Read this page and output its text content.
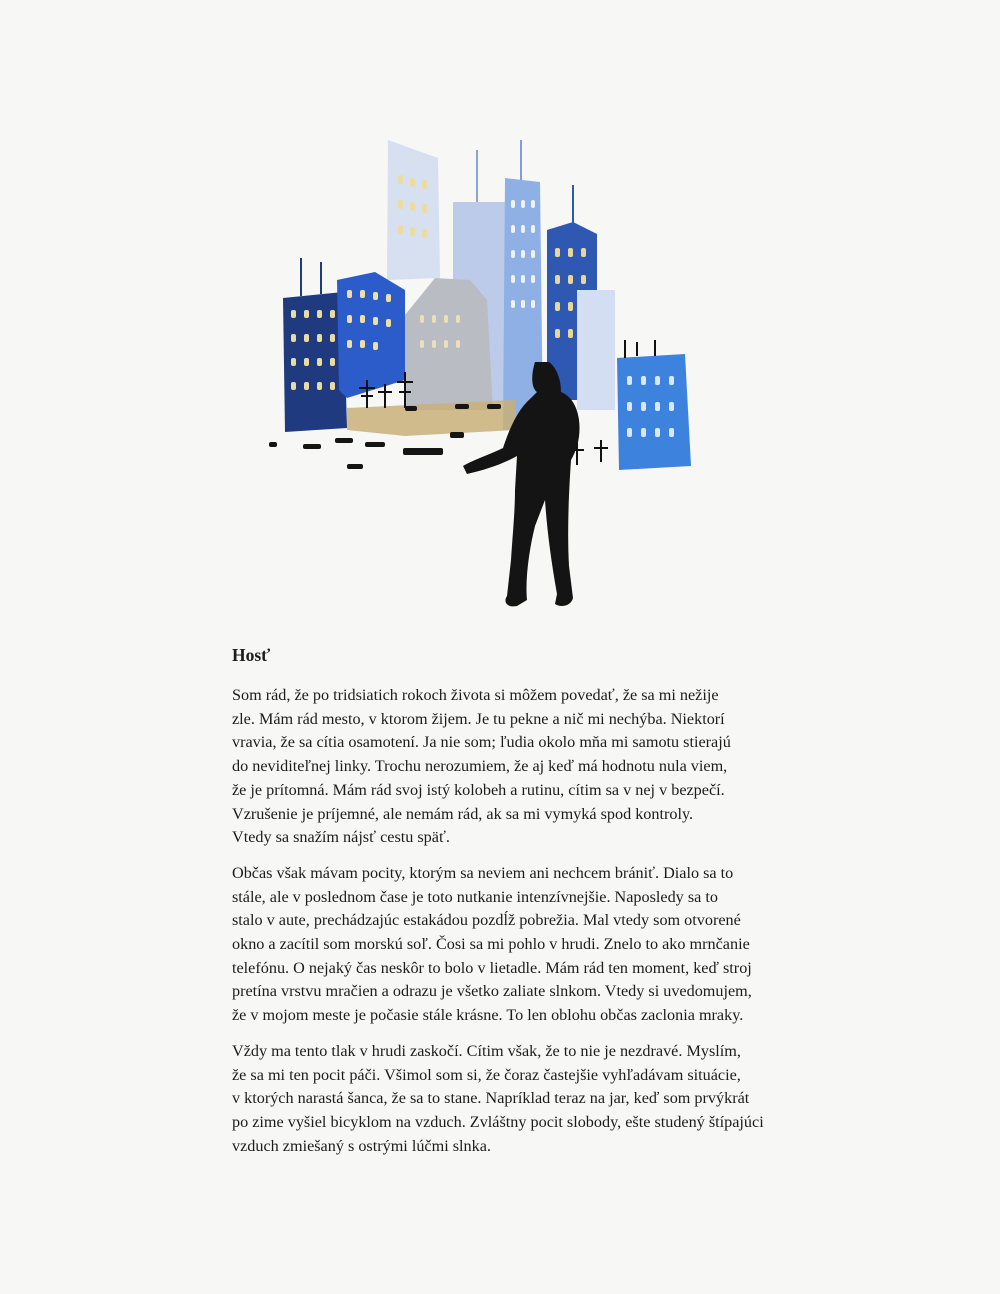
Hosť

Som rád, že po tridsiatich rokoch života si môžem povedať, že sa mi nežije
zle. Mám rád mesto, v ktorom žijem. Je tu pekne a nič mi nechýba. Niektorí
vravia, že sa cítia osamotení. Ja nie som; ľudia okolo mňa mi samotu stierajú
do neviditeľnej linky. Trochu nerozumiem, že aj keď má hodnotu nula viem,
že je prítomná. Mám rád svoj istý kolobeh a rutinu, cítim sa v nej v bezpečí.
Vzrušenie je príjemné, ale nemám rád, ak sa mi vymyká spod kontroly.
Vtedy sa snažím nájsť cestu späť.

Občas však mávam pocity, ktorým sa neviem ani nechcem brániť. Dialo sa to
stále, ale v poslednom čase je toto nutkanie intenzívnejšie. Naposledy sa to
stalo v aute, prechádzajúc estakádou pozdĺž pobrežia. Mal vtedy som otvorené
okno a zacítil som morskú soľ. Čosi sa mi pohlo v hrudi. Znelo to ako mrnčanie
telefónu. O nejaký čas neskôr to bolo v lietadle. Mám rád ten moment, keď stroj
pretína vrstvu mračien a odrazu je všetko zaliate slnkom. Vtedy si uvedomujem,
že v mojom meste je počasie stále krásne. To len oblohu občas zaclonia mraky.

Vždy ma tento tlak v hrudi zaskočí. Cítim však, že to nie je nezdravé. Myslím,
že sa mi ten pocit páči. Všimol som si, že čoraz častejšie vyhľadávam situácie,
v ktorých narastá šanca, že sa to stane. Napríklad teraz na jar, keď som prvýkrát
po zime vyšiel bicyklom na vzduch. Zvláštny pocit slobody, ešte studený štípajúci
vzduch zmiešaný s ostrými lúčmi slnka.
